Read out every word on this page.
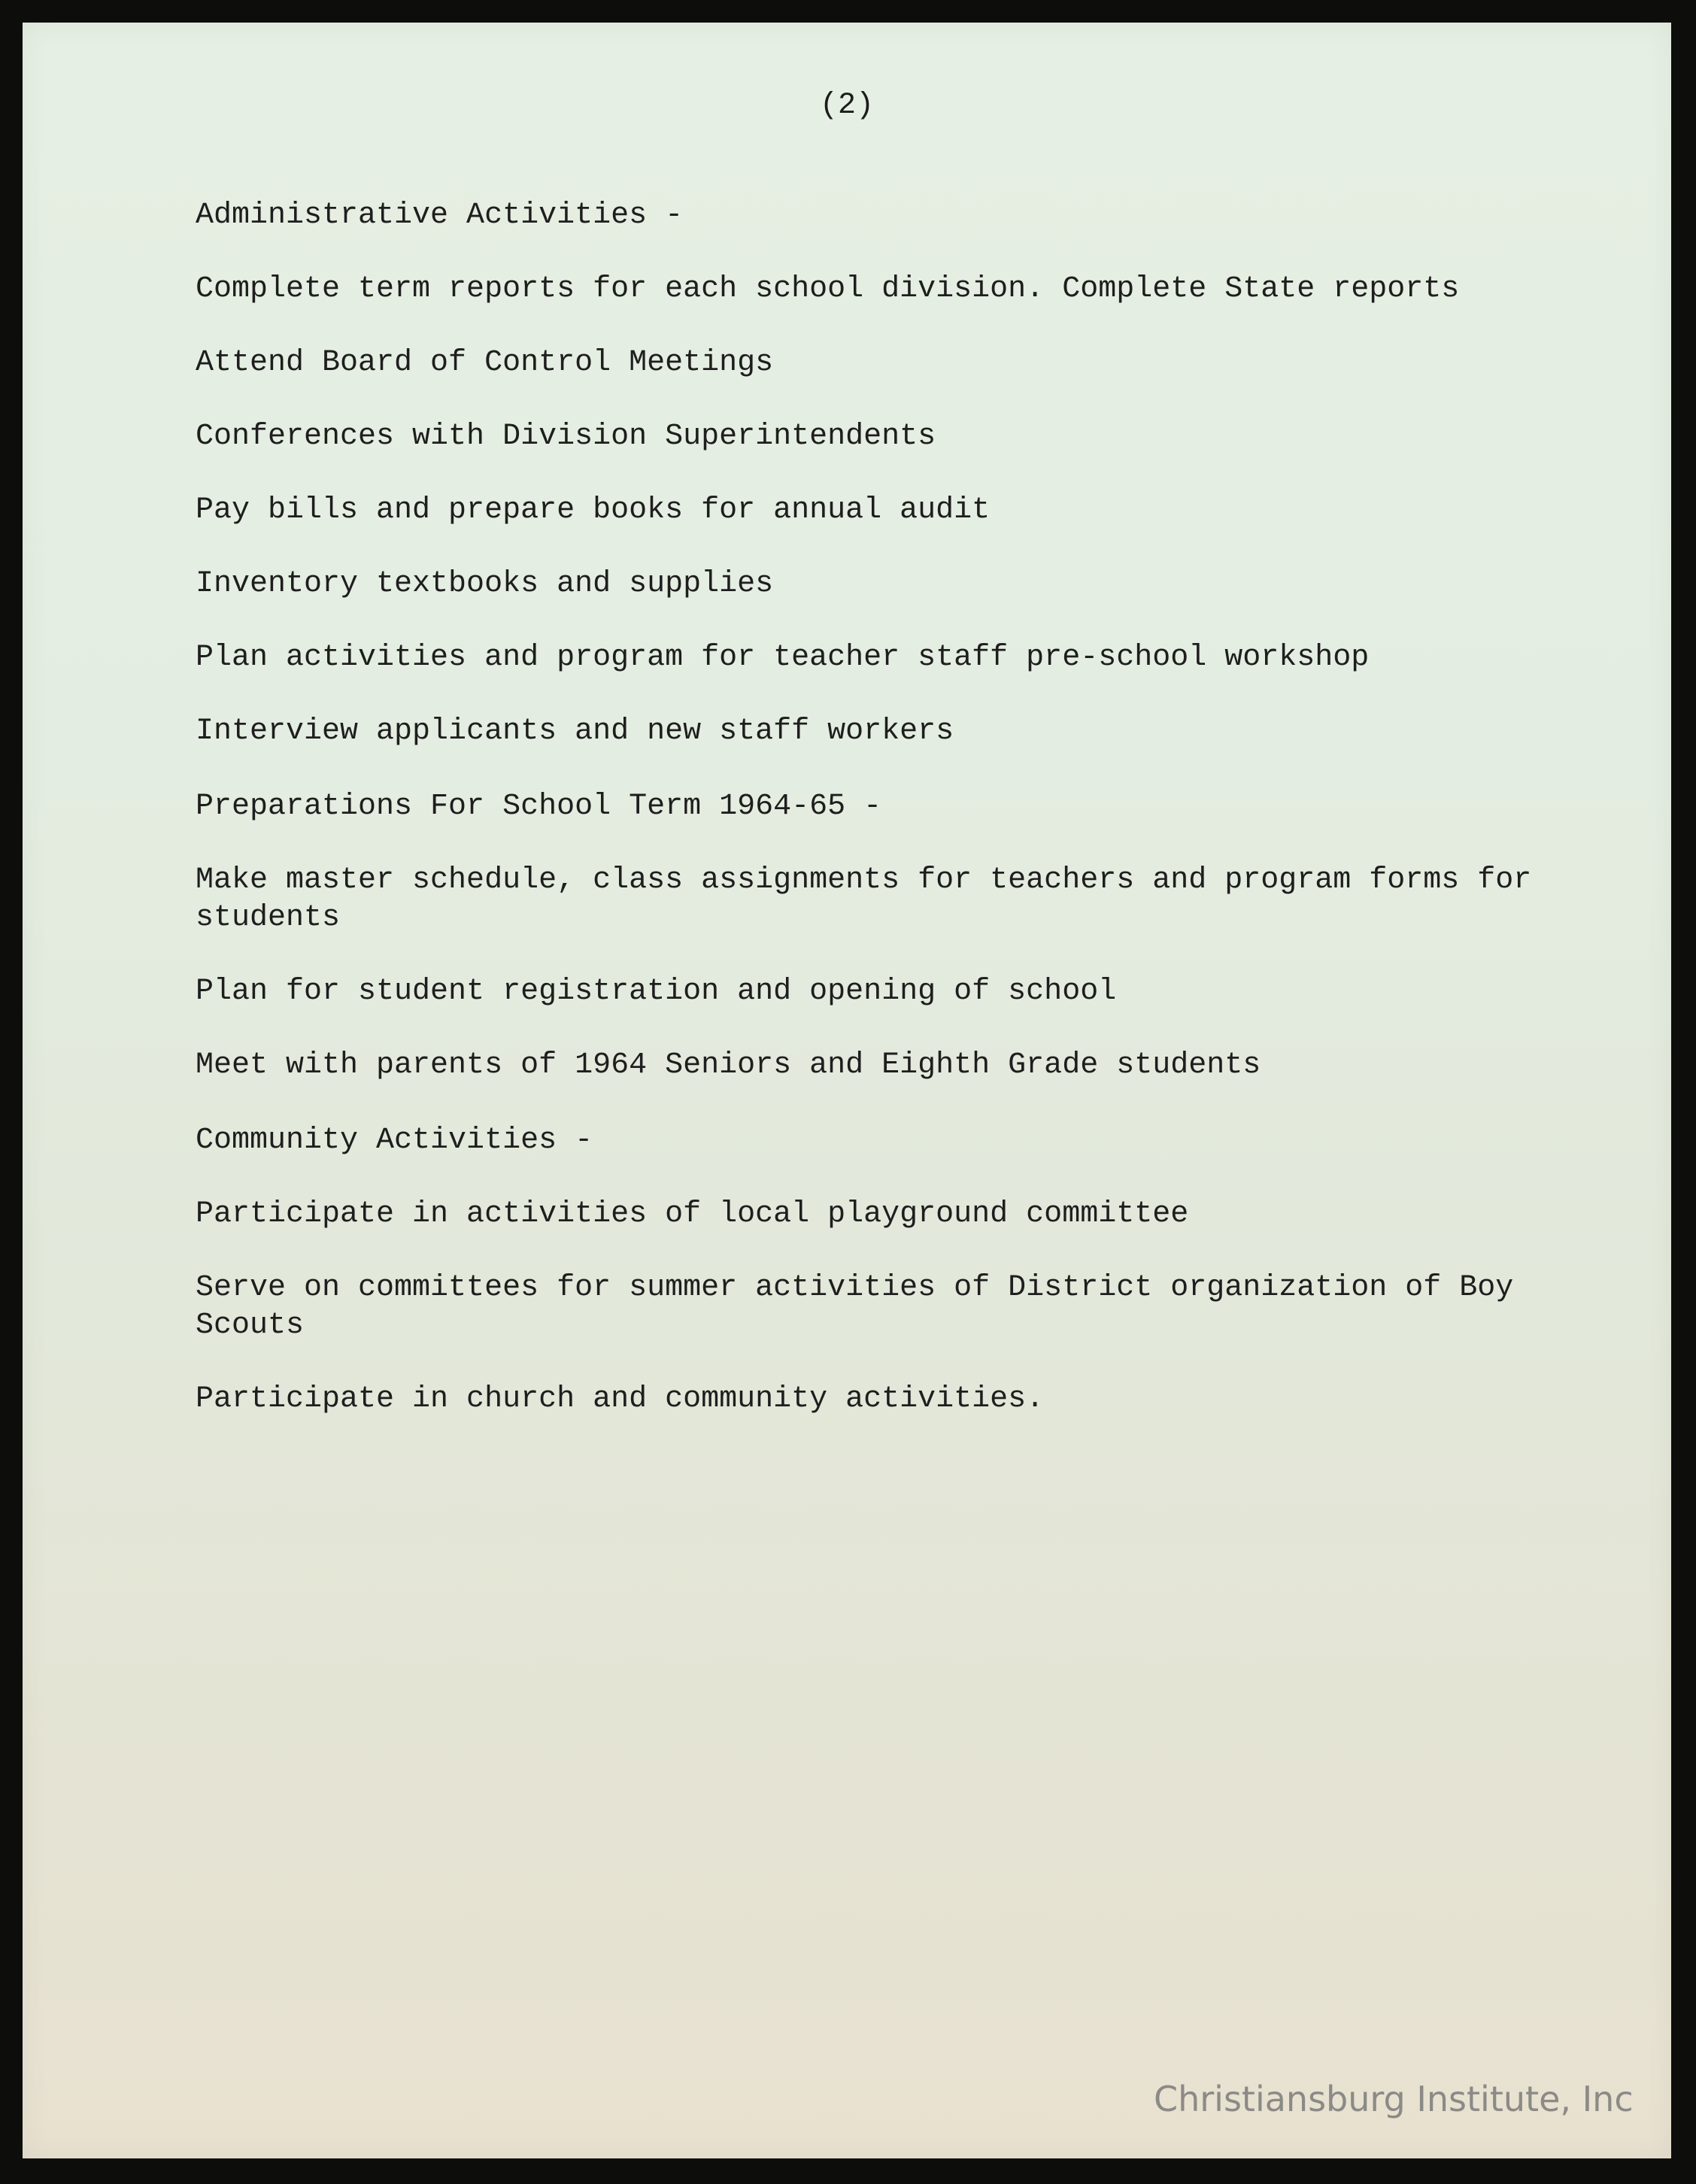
(2)
Administrative Activities -
Complete term reports for each school division. Complete State reports
Attend Board of Control Meetings
Conferences with Division Superintendents
Pay bills and prepare books for annual audit
Inventory textbooks and supplies
Plan activities and program for teacher staff pre-school workshop
Interview applicants and new staff workers
Preparations For School Term 1964-65 -
Make master schedule, class assignments for teachers and program forms for students
Plan for student registration and opening of school
Meet with parents of 1964 Seniors and Eighth Grade students
Community Activities -
Participate in activities of local playground committee
Serve on committees for summer activities of District organization of Boy Scouts
Participate in church and community activities.
Christiansburg Institute, Inc
